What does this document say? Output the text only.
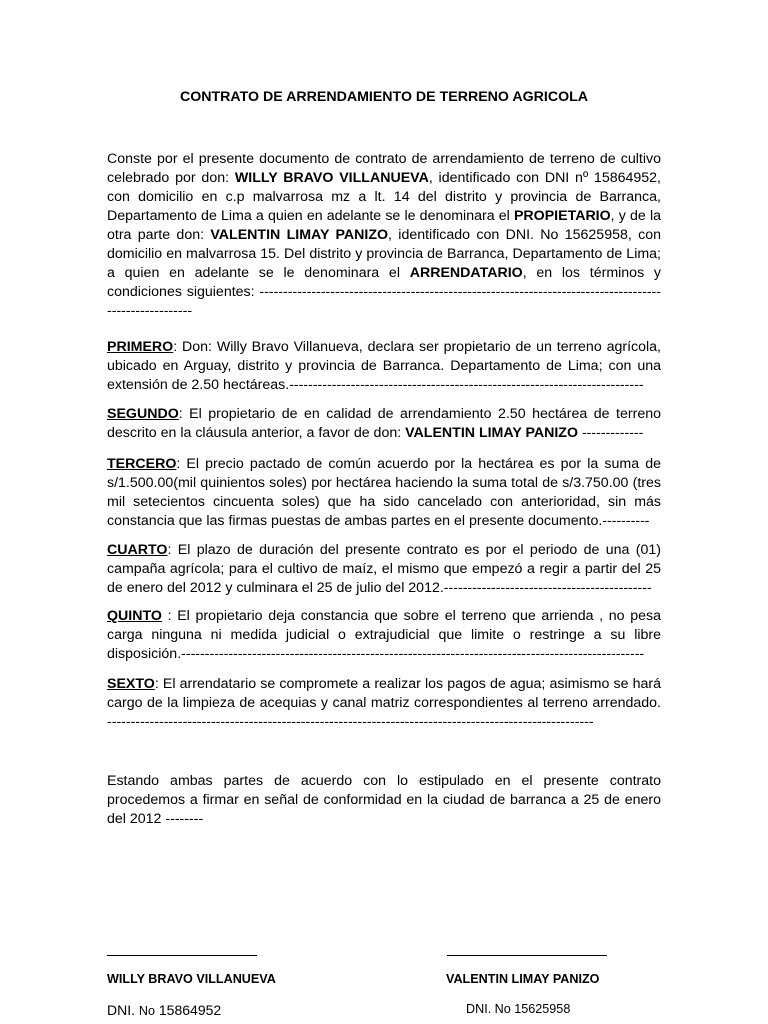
CONTRATO DE ARRENDAMIENTO DE TERRENO AGRICOLA
Conste por el presente documento de contrato de arrendamiento de terreno de cultivo celebrado por don: WILLY BRAVO VILLANUEVA, identificado con DNI nº 15864952, con domicilio en c.p malvarrosa mz a lt. 14 del distrito y provincia de Barranca, Departamento de Lima a quien en adelante se le denominara el PROPIETARIO, y de la otra parte don: VALENTIN LIMAY PANIZO, identificado con DNI. No 15625958, con domicilio en malvarrosa 15. Del distrito y provincia de Barranca, Departamento de Lima; a quien en adelante se le denominara el ARRENDATARIO, en los términos y condiciones siguientes: -------------------------------------------------------------------------------------------------------
PRIMERO: Don: Willy Bravo Villanueva, declara ser propietario de un terreno agrícola, ubicado en Arguay, distrito y provincia de Barranca. Departamento de Lima; con una extensión de 2.50 hectáreas.---------------------------------------------------------------------------
SEGUNDO: El propietario de en calidad de arrendamiento 2.50 hectárea de terreno descrito en la cláusula anterior, a favor de don: VALENTIN LIMAY PANIZO -------------
TERCERO: El precio pactado de común acuerdo por la hectárea es por la suma de s/1.500.00(mil quinientos soles) por hectárea haciendo la suma total de s/3.750.00 (tres mil setecientos cincuenta soles) que ha sido cancelado con anterioridad, sin más constancia que las firmas puestas de ambas partes en el presente documento.----------
CUARTO: El plazo de duración del presente contrato es por el periodo de una (01) campaña agrícola; para el cultivo de maíz, el mismo que empezó a regir a partir del 25 de enero del 2012 y culminara el 25 de julio del 2012.--------------------------------------------
QUINTO : El propietario deja constancia que sobre el terreno que arrienda , no pesa carga ninguna ni medida judicial o extrajudicial que limite o restringe a su libre disposición.--------------------------------------------------------------------------------------------------
SEXTO: El arrendatario se compromete a realizar los pagos de agua; asimismo se hará cargo de la limpieza de acequias y canal matriz correspondientes al terreno arrendado. -------------------------------------------------------------------------------------------------------
Estando ambas partes de acuerdo con lo estipulado en el presente contrato procedemos a firmar en señal de conformidad en la ciudad de barranca a 25 de enero del 2012 --------
WILLY BRAVO VILLANUEVA	VALENTIN LIMAY PANIZO
DNI. No 15864952	DNI. No 15625958
